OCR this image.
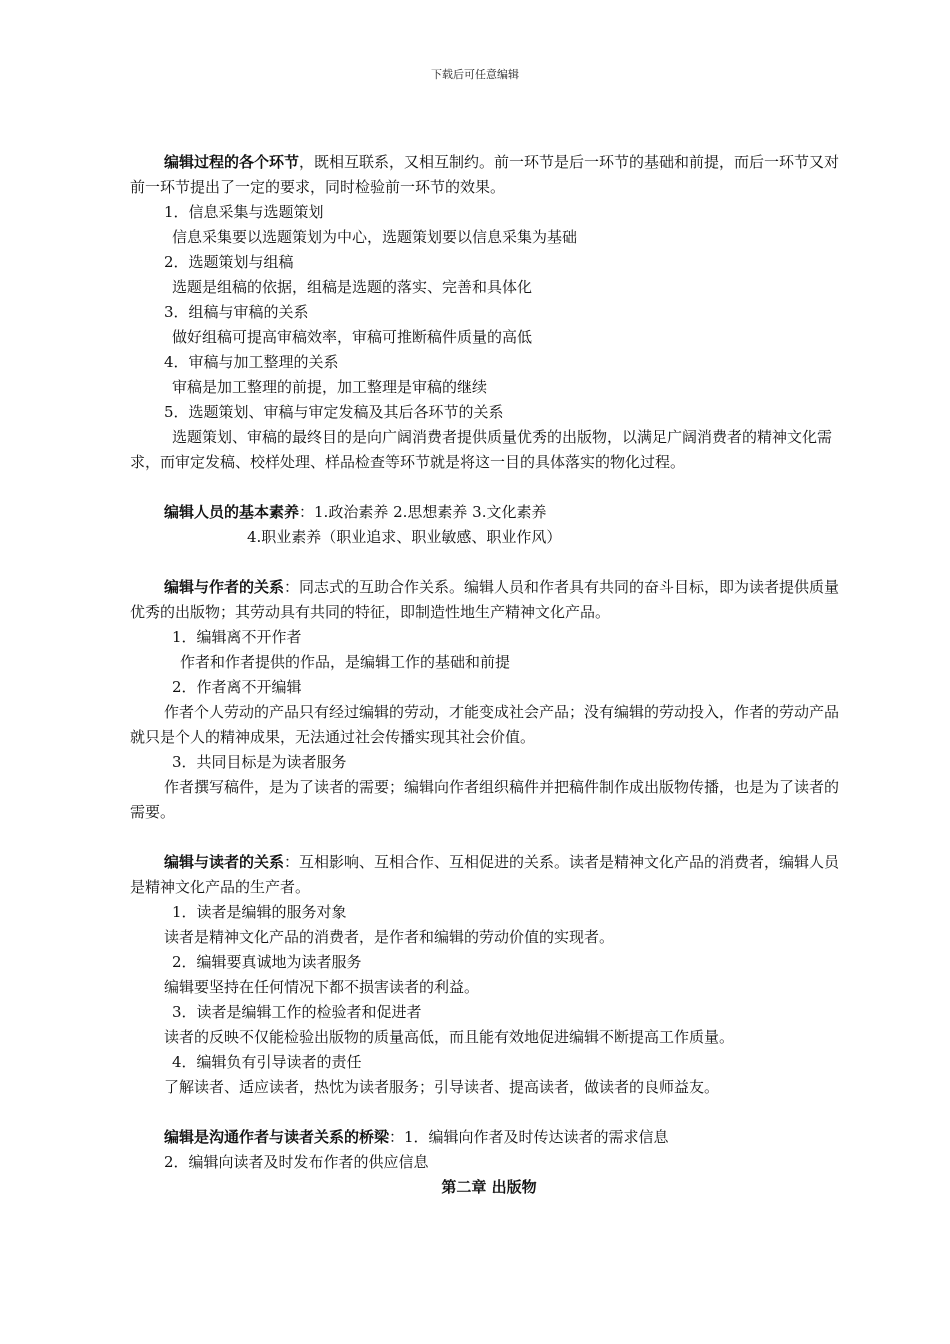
下载后可任意编辑

编辑过程的各个环节，既相互联系，又相互制约。前一环节是后一环节的基础和前提，而后一环节又对前一环节提出了一定的要求，同时检验前一环节的效果。

1．信息采集与选题策划

信息采集要以选题策划为中心，选题策划要以信息采集为基础

2．选题策划与组稿

选题是组稿的依据，组稿是选题的落实、完善和具体化

3．组稿与审稿的关系

做好组稿可提高审稿效率，审稿可推断稿件质量的高低

4．审稿与加工整理的关系

审稿是加工整理的前提，加工整理是审稿的继续

5．选题策划、审稿与审定发稿及其后各环节的关系

选题策划、审稿的最终目的是向广阔消费者提供质量优秀的出版物，以满足广阔消费者的精神文化需求，而审定发稿、校样处理、样品检查等环节就是将这一目的具体落实的物化过程。

编辑人员的基本素养：1.政治素养 2.思想素养 3.文化素养

4.职业素养（职业追求、职业敏感、职业作风）

编辑与作者的关系：同志式的互助合作关系。编辑人员和作者具有共同的奋斗目标，即为读者提供质量优秀的出版物；其劳动具有共同的特征，即制造性地生产精神文化产品。

1．编辑离不开作者

作者和作者提供的作品，是编辑工作的基础和前提

2．作者离不开编辑

作者个人劳动的产品只有经过编辑的劳动，才能变成社会产品；没有编辑的劳动投入，作者的劳动产品就只是个人的精神成果，无法通过社会传播实现其社会价值。

3．共同目标是为读者服务

作者撰写稿件，是为了读者的需要；编辑向作者组织稿件并把稿件制作成出版物传播，也是为了读者的需要。

编辑与读者的关系：互相影响、互相合作、互相促进的关系。读者是精神文化产品的消费者，编辑人员是精神文化产品的生产者。

1．读者是编辑的服务对象

读者是精神文化产品的消费者，是作者和编辑的劳动价值的实现者。

2．编辑要真诚地为读者服务

编辑要坚持在任何情况下都不损害读者的利益。

3．读者是编辑工作的检验者和促进者

读者的反映不仅能检验出版物的质量高低，而且能有效地促进编辑不断提高工作质量。

4．编辑负有引导读者的责任

了解读者、适应读者，热忱为读者服务；引导读者、提高读者，做读者的良师益友。

编辑是沟通作者与读者关系的桥梁：1．编辑向作者及时传达读者的需求信息

2．编辑向读者及时发布作者的供应信息

第二章 出版物
